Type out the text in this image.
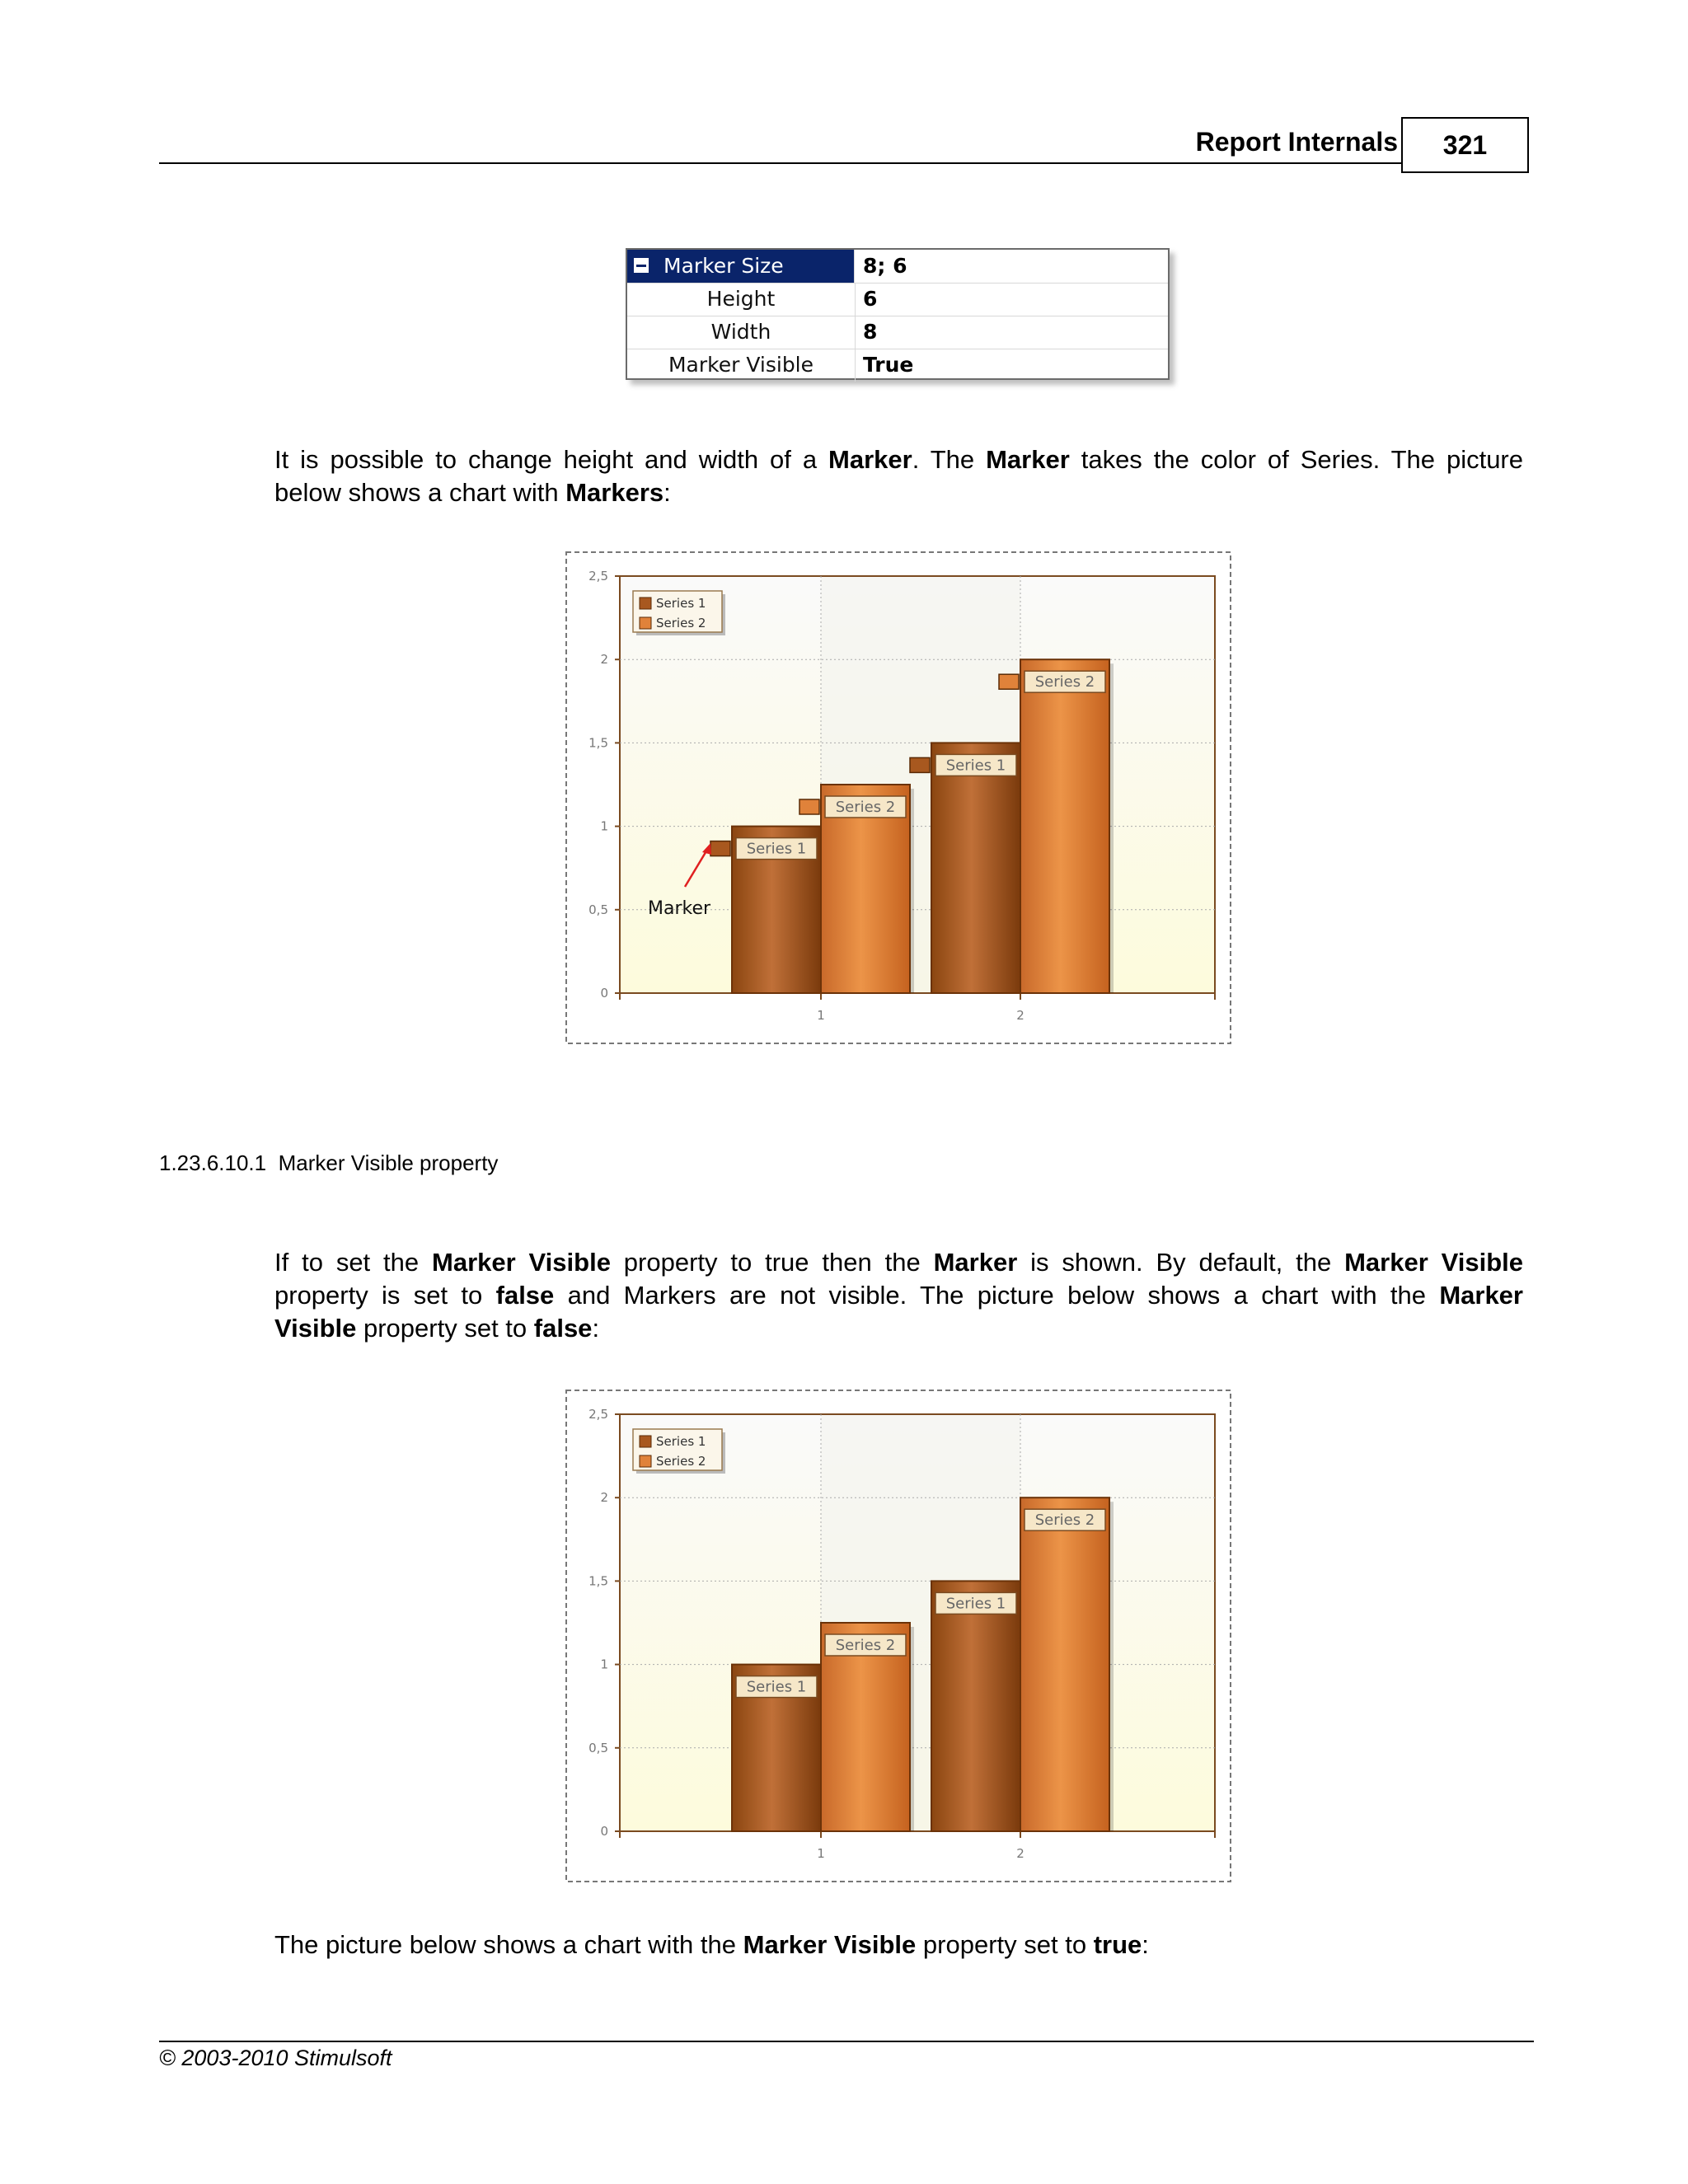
Report Internals	321
Marker Size	8; 6
Height	6
Width	8
Marker Visible	True
It is possible to change height and width of a Marker. The Marker takes the color of Series. The picture
below shows a chart with Markers:
0
0,5
1
1,5
2
2,5
1	2
Series 1
Series 2
Series 1
Series 2
Series 1
Series 2
Marker
1.23.6.10.1 Marker Visible property
If to set the Marker Visible property to true then the Marker is shown. By default, the Marker Visible
property is set to false and Markers are not visible. The picture below shows a chart with the Marker
Visible property set to false:
0
0,5
1
1,5
2
2,5
1	2
Series 1
Series 2
Series 1
Series 2
Series 1
Series 2
The picture below shows a chart with the Marker Visible property set to true:
© 2003-2010 Stimulsoft
